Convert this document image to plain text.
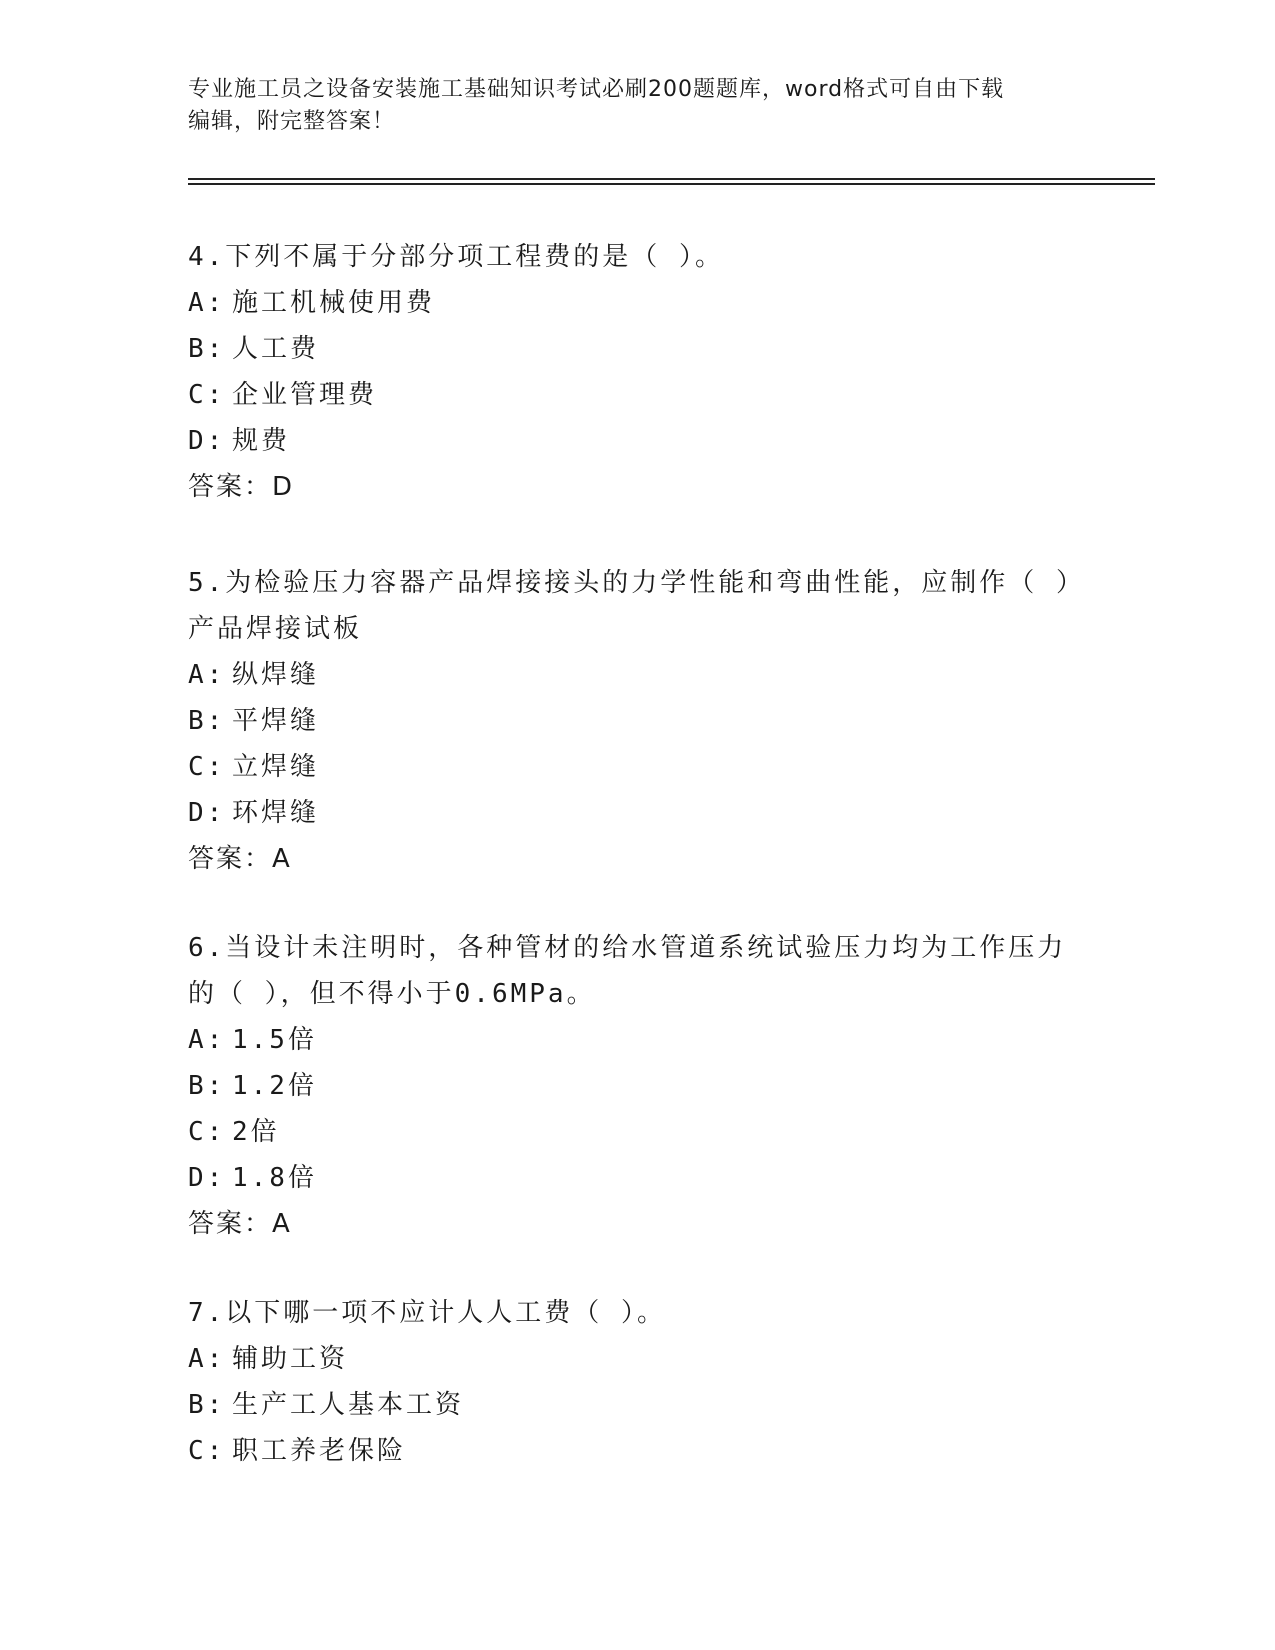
专业施工员之设备安装施工基础知识考试必刷200题题库，word格式可自由下载
编辑，附完整答案！

4.下列不属于分部分项工程费的是（ ）。

A: 施工机械使用费
B: 人工费
C: 企业管理费
D: 规费
答案：D

5.为检验压力容器产品焊接接头的力学性能和弯曲性能，应制作（ ）

产品焊接试板

A: 纵焊缝
B: 平焊缝
C: 立焊缝
D: 环焊缝
答案：A

6.当设计未注明时，各种管材的给水管道系统试验压力均为工作压力

的（ ），但不得小于0.6MPa。

A: 1.5倍
B: 1.2倍
C: 2倍
D: 1.8倍
答案：A

7.以下哪一项不应计人人工费（ ）。

A: 辅助工资
B: 生产工人基本工资
C: 职工养老保险
